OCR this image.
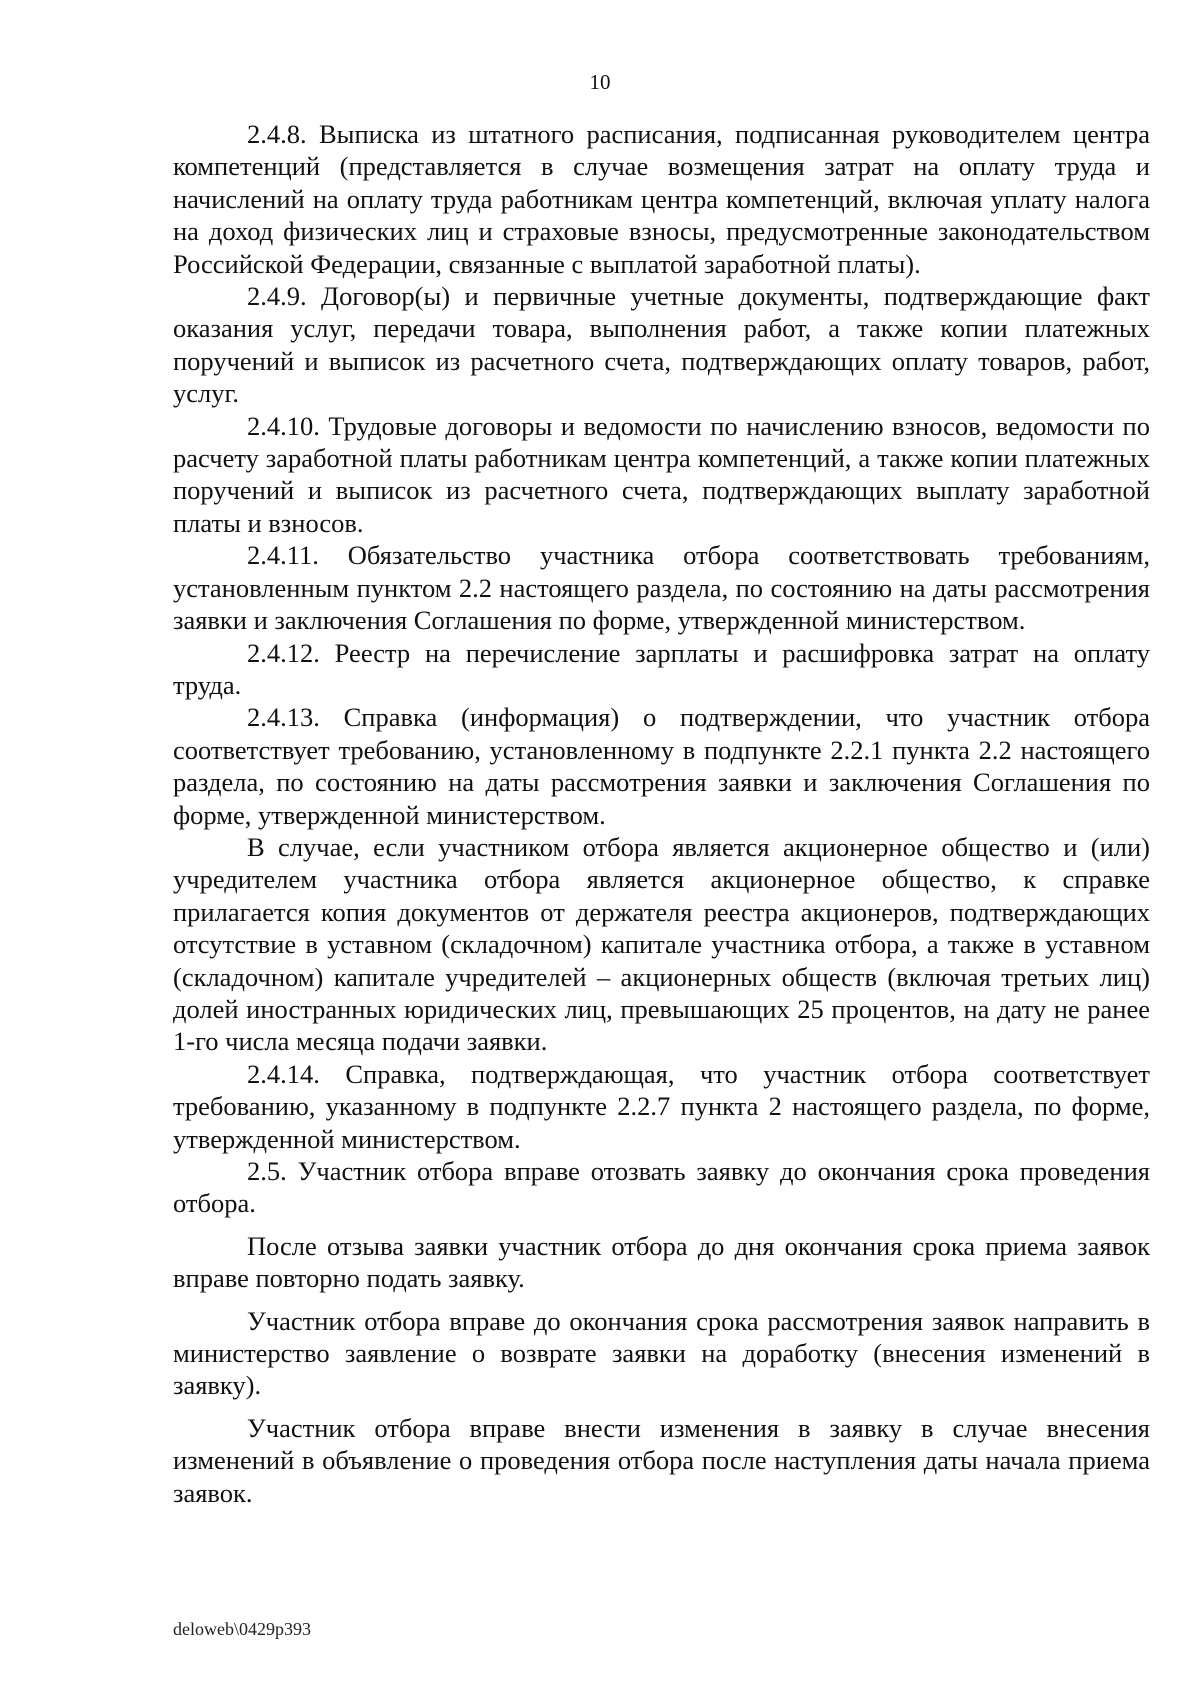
10

2.4.8. Выписка из штатного расписания, подписанная руководителем центра компетенций (представляется в случае возмещения затрат на оплату труда и начислений на оплату труда работникам центра компетенций, включая уплату налога на доход физических лиц и страховые взносы, предусмотренные законодательством Российской Федерации, связанные с выплатой заработной платы).

2.4.9. Договор(ы) и первичные учетные документы, подтверждающие факт оказания услуг, передачи товара, выполнения работ, а также копии платежных поручений и выписок из расчетного счета, подтверждающих оплату товаров, работ, услуг.

2.4.10. Трудовые договоры и ведомости по начислению взносов, ведомости по расчету заработной платы работникам центра компетенций, а также копии платежных поручений и выписок из расчетного счета, подтверждающих выплату заработной платы и взносов.

2.4.11. Обязательство участника отбора соответствовать требованиям, установленным пунктом 2.2 настоящего раздела, по состоянию на даты рассмотрения заявки и заключения Соглашения по форме, утвержденной министерством.

2.4.12. Реестр на перечисление зарплаты и расшифровка затрат на оплату труда.

2.4.13. Справка (информация) о подтверждении, что участник отбора соответствует требованию, установленному в подпункте 2.2.1 пункта 2.2 настоящего раздела, по состоянию на даты рассмотрения заявки и заключения Соглашения по форме, утвержденной министерством.

В случае, если участником отбора является акционерное общество и (или) учредителем участника отбора является акционерное общество, к справке прилагается копия документов от держателя реестра акционеров, подтверждающих отсутствие в уставном (складочном) капитале участника отбора, а также в уставном (складочном) капитале учредителей – акционерных обществ (включая третьих лиц) долей иностранных юридических лиц, превышающих 25 процентов, на дату не ранее 1-го числа месяца подачи заявки.

2.4.14. Справка, подтверждающая, что участник отбора соответствует требованию, указанному в подпункте 2.2.7 пункта 2 настоящего раздела, по форме, утвержденной министерством.

2.5. Участник отбора вправе отозвать заявку до окончания срока проведения отбора.

После отзыва заявки участник отбора до дня окончания срока приема заявок вправе повторно подать заявку.

Участник отбора вправе до окончания срока рассмотрения заявок направить в министерство заявление о возврате заявки на доработку (внесения изменений в заявку).

Участник отбора вправе внести изменения в заявку в случае внесения изменений в объявление о проведения отбора после наступления даты начала приема заявок.

deloweb\0429p393
